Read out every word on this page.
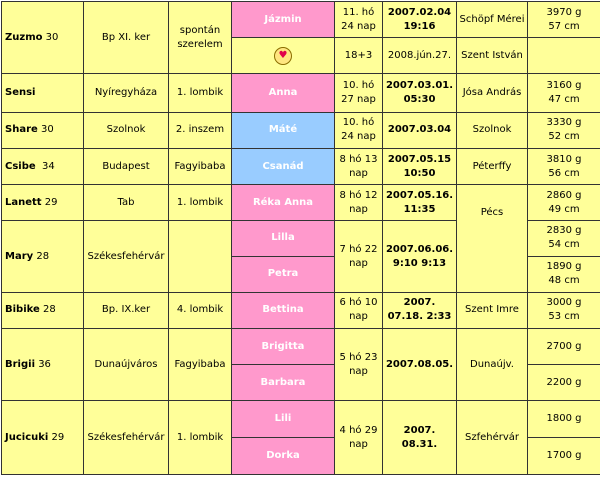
Zuzmo 30	Bp XI. ker	spontán szerelem	Jázmin	11. hó 24 nap	2007.02.04 19:16	Schöpf Mérei	3970 g
57 cm
			♥	18+3	2008.jún.27.	Szent István	
Sensi	Nyíregyháza	1. lombik	Anna	10. hó 27 nap	2007.03.01. 05:30	Jósa András	3160 g
47 cm
Share 30	Szolnok	2. inszem	Máté	10. hó 24 nap	2007.03.04	Szolnok	3330 g
52 cm
Csibe 34	Budapest	Fagyibaba	Csanád	8 hó 13 nap	2007.05.15 10:50	Péterffy	3810 g
56 cm
Lanett 29	Tab	1. lombik	Réka Anna	8 hó 12 nap	2007.05.16. 11:35	Pécs	2860 g
49 cm
Mary 28	Székesfehérvár		Lilla	7 hó 22 nap	2007.06.06. 9:10 9:13		2830 g
54 cm
			Petra				1890 g
48 cm
Bibike 28	Bp. IX.ker	4. lombik	Bettina	6 hó 10 nap	2007. 07.18. 2:33	Szent Imre	3000 g
53 cm
Brigii 36	Dunaújváros	Fagyibaba	Brigitta	5 hó 23 nap	2007.08.05.	Dunaújv.	2700 g
			Barbara				2200 g
Jucicuki 29	Székesfehérvár	1. lombik	Lili	4 hó 29 nap	2007. 08.31.	Szfehérvár	1800 g
			Dorka				1700 g
